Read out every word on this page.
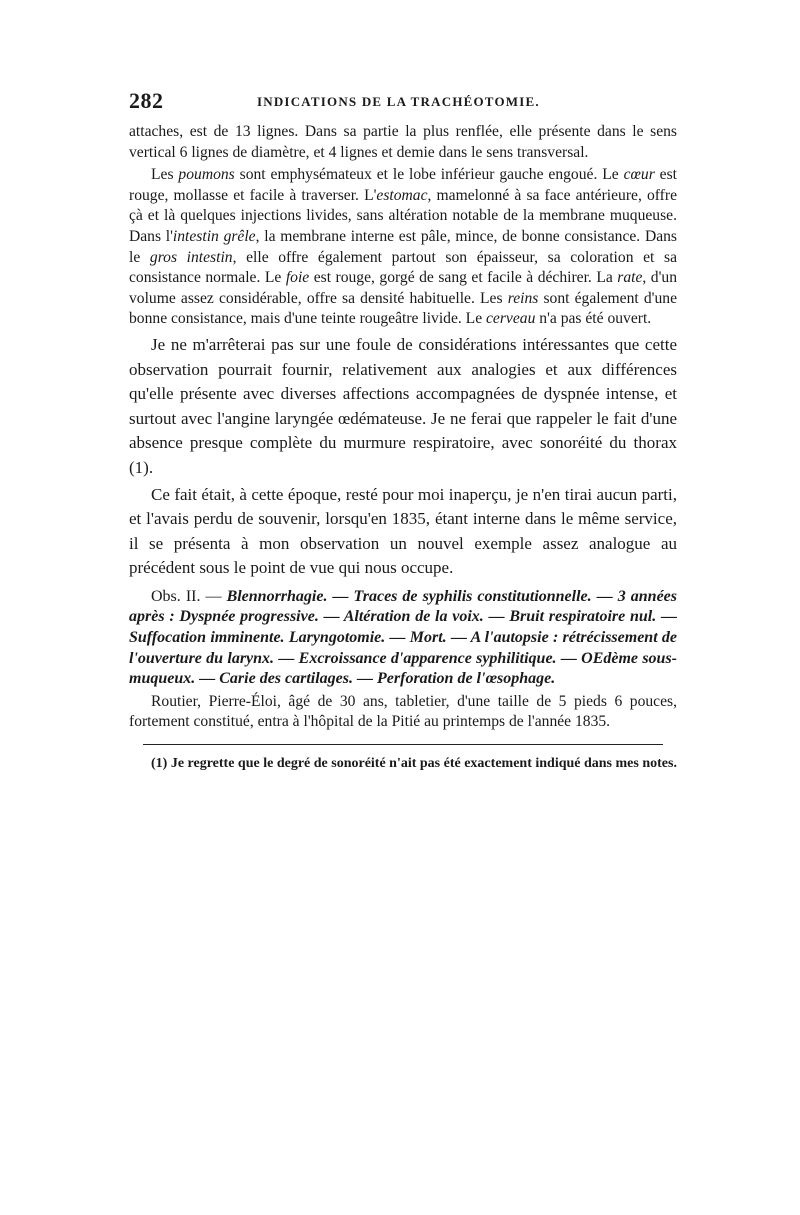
282	INDICATIONS DE LA TRACHÉOTOMIE.

attaches, est de 13 lignes. Dans sa partie la plus renflée, elle présente dans le sens vertical 6 lignes de diamètre, et 4 lignes et demie dans le sens transversal.

Les poumons sont emphysémateux et le lobe inférieur gauche engoué. Le cœur est rouge, mollasse et facile à traverser. L'estomac, mamelonné à sa face antérieure, offre çà et là quelques injections livides, sans altération notable de la membrane muqueuse. Dans l'intestin grêle, la membrane interne est pâle, mince, de bonne consistance. Dans le gros intestin, elle offre également partout son épaisseur, sa coloration et sa consistance normale. Le foie est rouge, gorgé de sang et facile à déchirer. La rate, d'un volume assez considérable, offre sa densité habituelle. Les reins sont également d'une bonne consistance, mais d'une teinte rougeâtre livide. Le cerveau n'a pas été ouvert.

Je ne m'arrêterai pas sur une foule de considérations intéressantes que cette observation pourrait fournir, relativement aux analogies et aux différences qu'elle présente avec diverses affections accompagnées de dyspnée intense, et surtout avec l'angine laryngée œdémateuse. Je ne ferai que rappeler le fait d'une absence presque complète du murmure respiratoire, avec sonoréité du thorax (1).

Ce fait était, à cette époque, resté pour moi inaperçu, je n'en tirai aucun parti, et l'avais perdu de souvenir, lorsqu'en 1835, étant interne dans le même service, il se présenta à mon observation un nouvel exemple assez analogue au précédent sous le point de vue qui nous occupe.

Obs. II. — Blennorrhagie. — Traces de syphilis constitutionnelle. — 3 années après : Dyspnée progressive. — Altération de la voix. — Bruit respiratoire nul. — Suffocation imminente. Laryngotomie. — Mort. — A l'autopsie : rétrécissement de l'ouverture du larynx. — Excroissance d'apparence syphilitique. — OEdème sous-muqueux. — Carie des cartilages. — Perforation de l'œsophage.

Routier, Pierre-Éloi, âgé de 30 ans, tabletier, d'une taille de 5 pieds 6 pouces, fortement constitué, entra à l'hôpital de la Pitié au printemps de l'année 1835.

(1) Je regrette que le degré de sonoréité n'ait pas été exactement indiqué dans mes notes.
